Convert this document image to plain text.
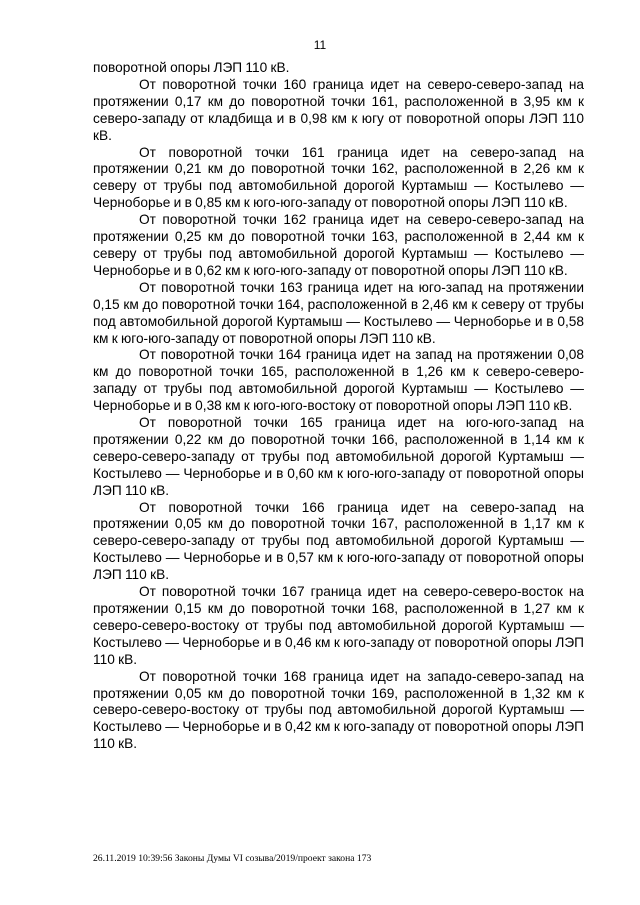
11

поворотной опоры ЛЭП 110 кВ.

От поворотной точки 160 граница идет на северо-северо-запад на протяжении 0,17 км до поворотной точки 161, расположенной в 3,95 км к северо-западу от кладбища и в 0,98 км к югу от поворотной опоры ЛЭП 110 кВ.

От поворотной точки 161 граница идет на северо-запад на протяжении 0,21 км до поворотной точки 162, расположенной в 2,26 км к северу от трубы под автомобильной дорогой Куртамыш — Костылево — Черноборье и в 0,85 км к юго-юго-западу от поворотной опоры ЛЭП 110 кВ.

От поворотной точки 162 граница идет на северо-северо-запад на протяжении 0,25 км до поворотной точки 163, расположенной в 2,44 км к северу от трубы под автомобильной дорогой Куртамыш — Костылево — Черноборье и в 0,62 км к юго-юго-западу от поворотной опоры ЛЭП 110 кВ.

От поворотной точки 163 граница идет на юго-запад на протяжении 0,15 км до поворотной точки 164, расположенной в 2,46 км к северу от трубы под автомобильной дорогой Куртамыш — Костылево — Черноборье и в 0,58 км к юго-юго-западу от поворотной опоры ЛЭП 110 кВ.

От поворотной точки 164 граница идет на запад на протяжении 0,08 км до поворотной точки 165, расположенной в 1,26 км к северо-северо-западу от трубы под автомобильной дорогой Куртамыш — Костылево — Черноборье и в 0,38 км к юго-юго-востоку от поворотной опоры ЛЭП 110 кВ.

От поворотной точки 165 граница идет на юго-юго-запад на протяжении 0,22 км до поворотной точки 166, расположенной в 1,14 км к северо-северо-западу от трубы под автомобильной дорогой Куртамыш — Костылево — Черноборье и в 0,60 км к юго-юго-западу от поворотной опоры ЛЭП 110 кВ.

От поворотной точки 166 граница идет на северо-запад на протяжении 0,05 км до поворотной точки 167, расположенной в 1,17 км к северо-северо-западу от трубы под автомобильной дорогой Куртамыш — Костылево — Черноборье и в 0,57 км к юго-юго-западу от поворотной опоры ЛЭП 110 кВ.

От поворотной точки 167 граница идет на северо-северо-восток на протяжении 0,15 км до поворотной точки 168, расположенной в 1,27 км к северо-северо-востоку от трубы под автомобильной дорогой Куртамыш — Костылево — Черноборье и в 0,46 км к юго-западу от поворотной опоры ЛЭП 110 кВ.

От поворотной точки 168 граница идет на западо-северо-запад на протяжении 0,05 км до поворотной точки 169, расположенной в 1,32 км к северо-северо-востоку от трубы под автомобильной дорогой Куртамыш — Костылево — Черноборье и в 0,42 км к юго-западу от поворотной опоры ЛЭП 110 кВ.

26.11.2019 10:39:56 Законы Думы VI созыва/2019/проект закона 173
